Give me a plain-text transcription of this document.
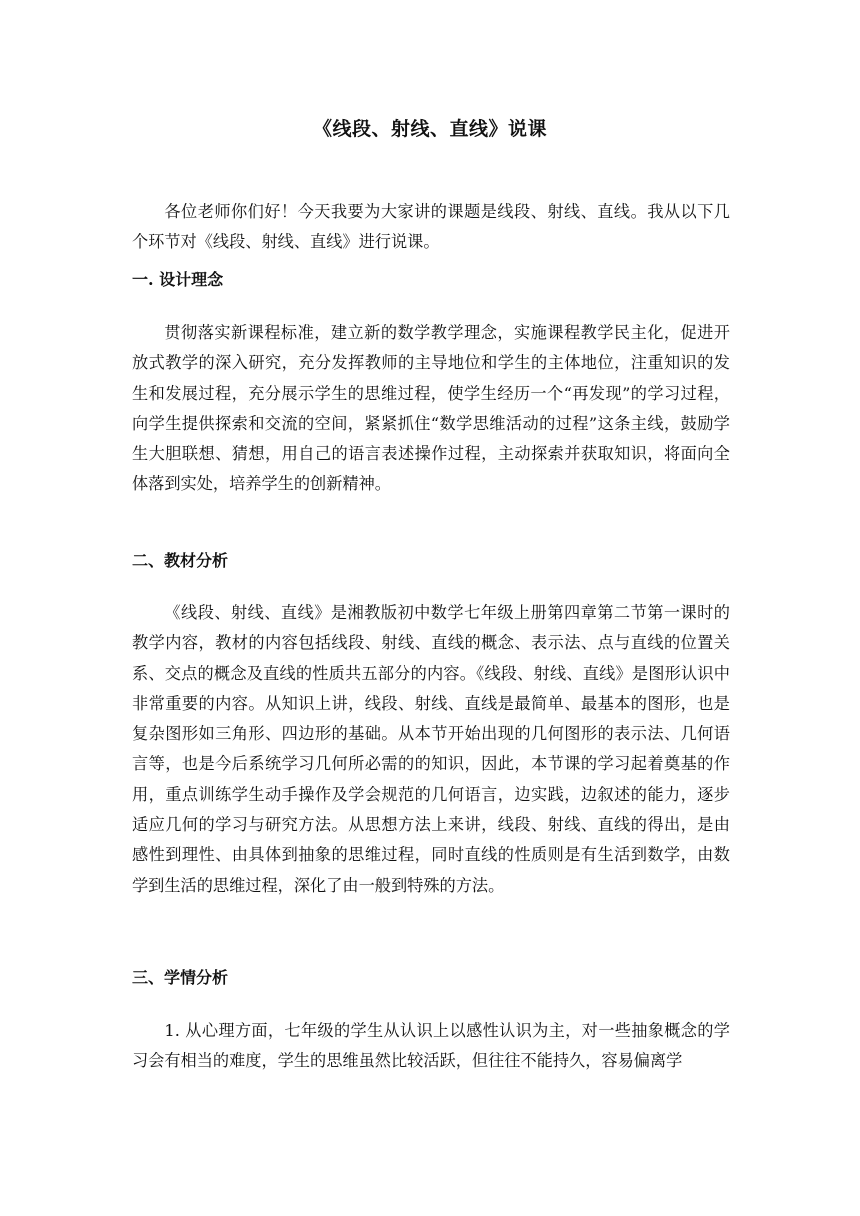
《线段、射线、直线》说课

各位老师你们好！今天我要为大家讲的课题是线段、射线、直线。我从以下几个环节对《线段、射线、直线》进行说课。

一. 设计理念

贯彻落实新课程标准，建立新的数学教学理念，实施课程教学民主化，促进开放式教学的深入研究，充分发挥教师的主导地位和学生的主体地位，注重知识的发生和发展过程，充分展示学生的思维过程，使学生经历一个“再发现”的学习过程，向学生提供探索和交流的空间，紧紧抓住“数学思维活动的过程”这条主线，鼓励学生大胆联想、猜想，用自己的语言表述操作过程，主动探索并获取知识，将面向全体落到实处，培养学生的创新精神。

二、教材分析

《线段、射线、直线》是湘教版初中数学七年级上册第四章第二节第一课时的教学内容，教材的内容包括线段、射线、直线的概念、表示法、点与直线的位置关系、交点的概念及直线的性质共五部分的内容。《线段、射线、直线》是图形认识中非常重要的内容。从知识上讲，线段、射线、直线是最简单、最基本的图形，也是复杂图形如三角形、四边形的基础。从本节开始出现的几何图形的表示法、几何语言等，也是今后系统学习几何所必需的的知识，因此，本节课的学习起着奠基的作用，重点训练学生动手操作及学会规范的几何语言，边实践，边叙述的能力，逐步适应几何的学习与研究方法。从思想方法上来讲，线段、射线、直线的得出，是由感性到理性、由具体到抽象的思维过程，同时直线的性质则是有生活到数学，由数学到生活的思维过程，深化了由一般到特殊的方法。

三、学情分析

1. 从心理方面，七年级的学生从认识上以感性认识为主，对一些抽象概念的学习会有相当的难度，学生的思维虽然比较活跃，但往往不能持久，容易偏离学
